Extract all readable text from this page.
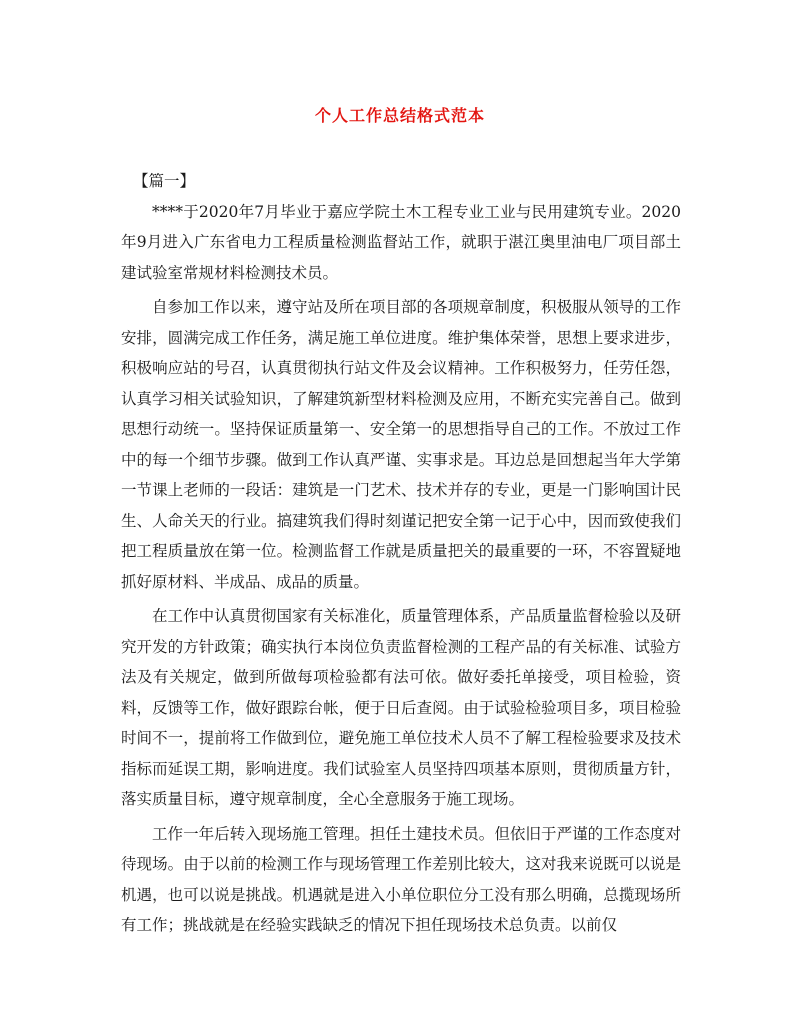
个人工作总结格式范本

【篇一】

****于2020年7月毕业于嘉应学院土木工程专业工业与民用建筑专业。2020年9月进入广东省电力工程质量检测监督站工作，就职于湛江奥里油电厂项目部土建试验室常规材料检测技术员。

自参加工作以来，遵守站及所在项目部的各项规章制度，积极服从领导的工作安排，圆满完成工作任务，满足施工单位进度。维护集体荣誉，思想上要求进步，积极响应站的号召，认真贯彻执行站文件及会议精神。工作积极努力，任劳任怨，认真学习相关试验知识，了解建筑新型材料检测及应用，不断充实完善自己。做到思想行动统一。坚持保证质量第一、安全第一的思想指导自己的工作。不放过工作中的每一个细节步骤。做到工作认真严谨、实事求是。耳边总是回想起当年大学第一节课上老师的一段话：建筑是一门艺术、技术并存的专业，更是一门影响国计民生、人命关天的行业。搞建筑我们得时刻谨记把安全第一记于心中，因而致使我们把工程质量放在第一位。检测监督工作就是质量把关的最重要的一环，不容置疑地抓好原材料、半成品、成品的质量。

在工作中认真贯彻国家有关标准化，质量管理体系，产品质量监督检验以及研究开发的方针政策；确实执行本岗位负责监督检测的工程产品的有关标准、试验方法及有关规定，做到所做每项检验都有法可依。做好委托单接受，项目检验，资料，反馈等工作，做好跟踪台帐，便于日后查阅。由于试验检验项目多，项目检验时间不一，提前将工作做到位，避免施工单位技术人员不了解工程检验要求及技术指标而延误工期，影响进度。我们试验室人员坚持四项基本原则，贯彻质量方针，落实质量目标，遵守规章制度，全心全意服务于施工现场。

工作一年后转入现场施工管理。担任土建技术员。但依旧于严谨的工作态度对待现场。由于以前的检测工作与现场管理工作差别比较大，这对我来说既可以说是机遇，也可以说是挑战。机遇就是进入小单位职位分工没有那么明确，总揽现场所有工作；挑战就是在经验实践缺乏的情况下担任现场技术总负责。以前仅
